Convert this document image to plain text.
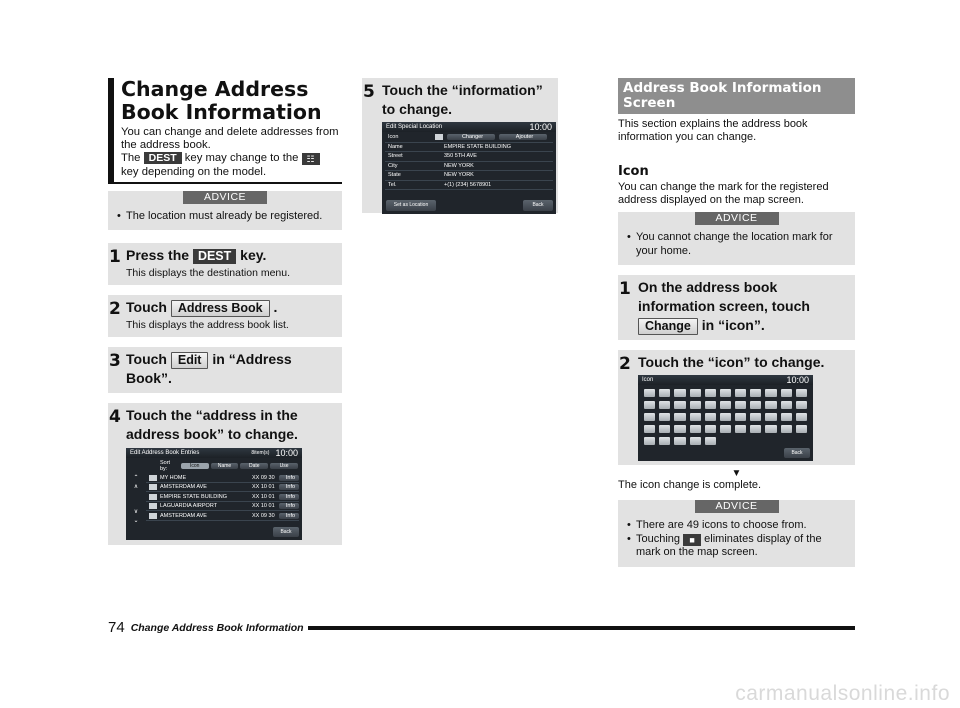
Change Address
Book Information
You can change and delete addresses from the address book.
The DEST key may change to the ☷
key depending on the model.
ADVICE
• The location must already be registered.
1 Press the DEST key.
This displays the destination menu.
2 Touch Address Book .
This displays the address book list.
3 Touch Edit in “Address Book”.
4 Touch the “address in the address book” to change.
Edit Address Book Entries	8item(s) 10:00
Sort by:	Icon	Name	Date	Use
⌃
∧
∨
⌄
MY HOME	XX 09 30	Info
AMSTERDAM AVE	XX 10 01	Info
EMPIRE STATE BUILDING	XX 10 01	Info
LAGUARDIA AIRPORT	XX 10 01	Info
AMSTERDAM AVE	XX 09 30	Info
Back
5 Touch the “information” to change.
Edit Special Location	10:00
Icon	Changer	Ajouter
Name	EMPIRE STATE BUILDING
Street	350 5TH AVE
City	NEW YORK
State	NEW YORK
Tel.	+(1) (234) 5678901
Set as Location	Back
Address Book Information Screen
This section explains the address book information you can change.
Icon
You can change the mark for the registered address displayed on the map screen.
ADVICE
• You cannot change the location mark for your home.
1 On the address book information screen, touch Change in “icon”.
2 Touch the “icon” to change.
Icon	10:00
Back
▼
The icon change is complete.
ADVICE
• There are 49 icons to choose from.
• Touching ■ eliminates display of the mark on the map screen.
74 Change Address Book Information
carmanualsonline.info
